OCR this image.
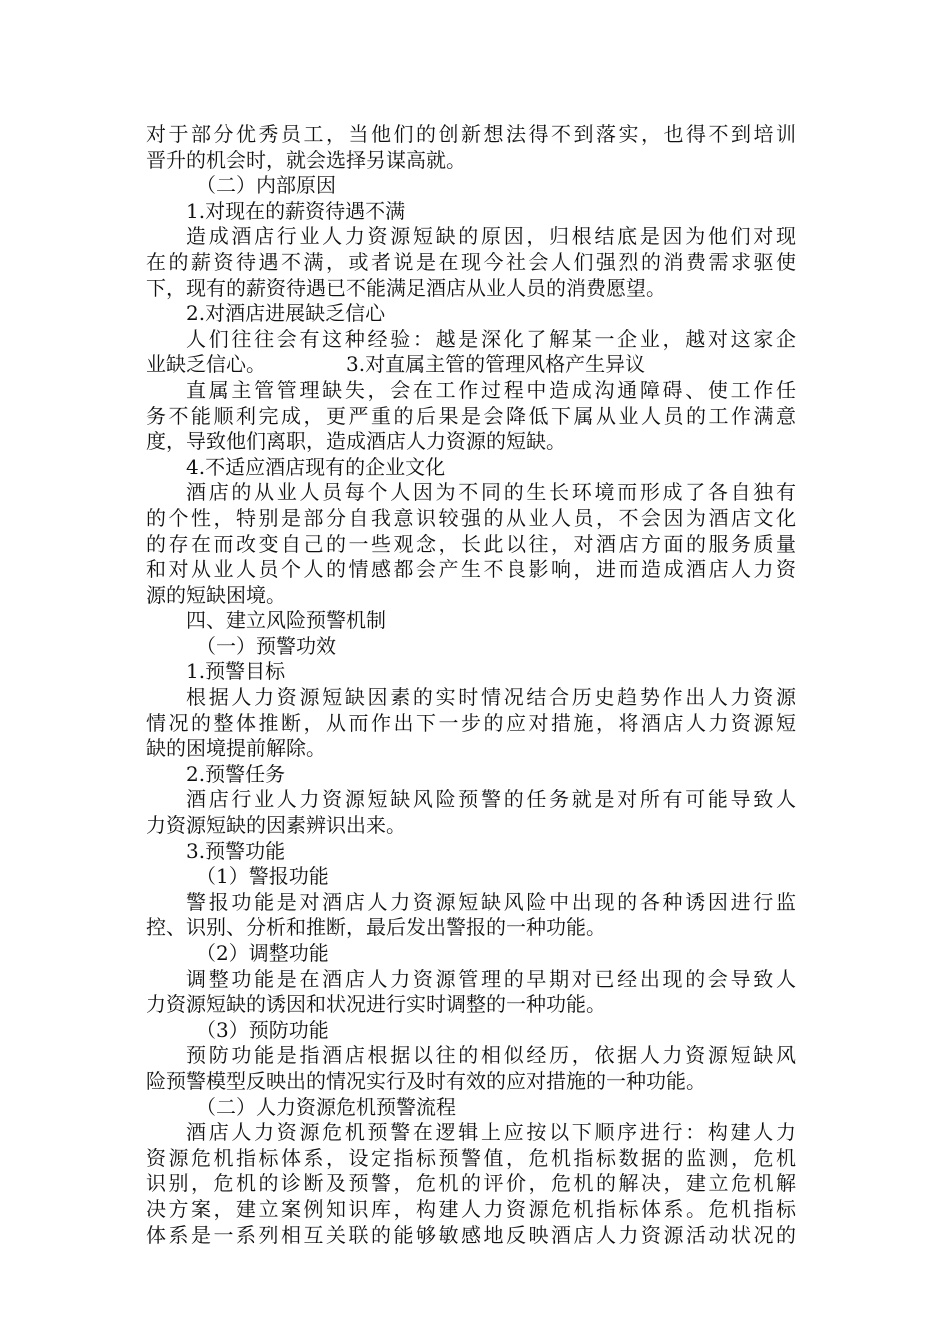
对于部分优秀员工，当他们的创新想法得不到落实，也得不到培训
晋升的机会时，就会选择另谋高就。
（二）内部原因
1.对现在的薪资待遇不满
造成酒店行业人力资源短缺的原因，归根结底是因为他们对现
在的薪资待遇不满，或者说是在现今社会人们强烈的消费需求驱使
下，现有的薪资待遇已不能满足酒店从业人员的消费愿望。
2.对酒店进展缺乏信心
人们往往会有这种经验：越是深化了解某一企业，越对这家企
业缺乏信心。	3.对直属主管的管理风格产生异议
直属主管管理缺失，会在工作过程中造成沟通障碍、使工作任
务不能顺利完成，更严重的后果是会降低下属从业人员的工作满意
度，导致他们离职，造成酒店人力资源的短缺。
4.不适应酒店现有的企业文化
酒店的从业人员每个人因为不同的生长环境而形成了各自独有
的个性，特别是部分自我意识较强的从业人员，不会因为酒店文化
的存在而改变自己的一些观念，长此以往，对酒店方面的服务质量
和对从业人员个人的情感都会产生不良影响，进而造成酒店人力资
源的短缺困境。
四、建立风险预警机制
（一）预警功效
1.预警目标
根据人力资源短缺因素的实时情况结合历史趋势作出人力资源
情况的整体推断，从而作出下一步的应对措施，将酒店人力资源短
缺的困境提前解除。
2.预警任务
酒店行业人力资源短缺风险预警的任务就是对所有可能导致人
力资源短缺的因素辨识出来。
3.预警功能
（1）警报功能
警报功能是对酒店人力资源短缺风险中出现的各种诱因进行监
控、识别、分析和推断，最后发出警报的一种功能。
（2）调整功能
调整功能是在酒店人力资源管理的早期对已经出现的会导致人
力资源短缺的诱因和状况进行实时调整的一种功能。
（3）预防功能
预防功能是指酒店根据以往的相似经历，依据人力资源短缺风
险预警模型反映出的情况实行及时有效的应对措施的一种功能。
（二）人力资源危机预警流程
酒店人力资源危机预警在逻辑上应按以下顺序进行：构建人力
资源危机指标体系，设定指标预警值，危机指标数据的监测，危机
识别，危机的诊断及预警，危机的评价，危机的解决，建立危机解
决方案，建立案例知识库，构建人力资源危机指标体系。危机指标
体系是一系列相互关联的能够敏感地反映酒店人力资源活动状况的
